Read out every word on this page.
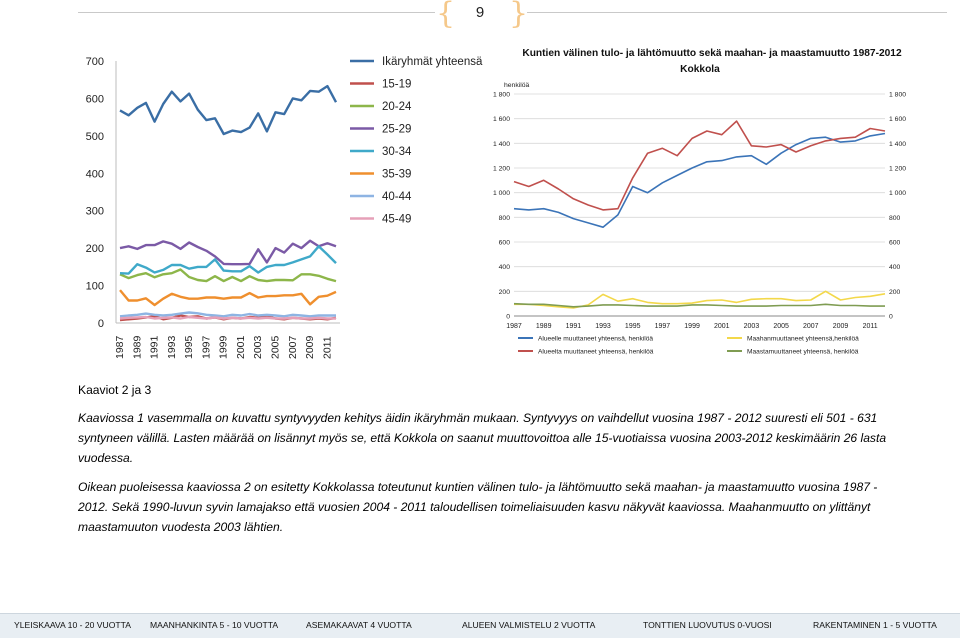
{ }
9
700
600
500
400
300
200
100
0
1987 1989 1991 1993 1995 1997 1999 2001 2003 2005 2007 2009 2011
Ikäryhmät yhteensä
15-19
20-24
25-29
30-34
35-39
40-44
45-49
Kuntien välinen tulo- ja lähtömuutto sekä maahan- ja maastamuutto 1987-2012
Kokkola
henkilöä
1 800	1 800
1 600	1 600
1 400	1 400
1 200	1 200
1 000	1 000
800	800
600	600
400	400
200	200
0	0
1987 1989 1991 1993 1995 1997 1999 2001 2003 2005 2007 2009 2011
Alueelle muuttaneet yhteensä, henkilöä	Maahanmuuttaneet yhteensä,henkilöä
Alueelta muuttaneet yhteensä, henkilöä	Maastamuuttaneet yhteensä, henkilöä
Kaaviot 2 ja 3

Kaaviossa 1 vasemmalla on kuvattu syntyvyyden kehitys äidin ikäryhmän mukaan. Syntyvyys on vaihdellut vuosina 1987 - 2012 suuresti eli 501 - 631 syntyneen välillä. Lasten määrää on lisännyt myös se, että Kokkola on saanut muuttovoittoa alle 15-vuotiaissa vuosina 2003-2012 keskimäärin 26 lasta vuodessa.

Oikean puoleisessa kaaviossa 2 on esitetty Kokkolassa toteutunut kuntien välinen tulo- ja lähtömuutto sekä maahan- ja maastamuutto vuosina 1987 - 2012. Sekä 1990-luvun syvin lamajakso että vuosien 2004 - 2011 taloudellisen toimeliaisuuden kasvu näkyvät kaaviossa. Maahanmuutto on ylittänyt maastamuuton vuodesta 2003 lähtien.

YLEISKAAVA 10 - 20 VUOTTA MAANHANKINTA 5 - 10 VUOTTA	ASEMAKAAVAT 4 VUOTTA	ALUEEN VALMISTELU 2 VUOTTA	TONTTIEN LUOVUTUS 0-VUOSI	RAKENTAMINEN 1 - 5 VUOTTA
